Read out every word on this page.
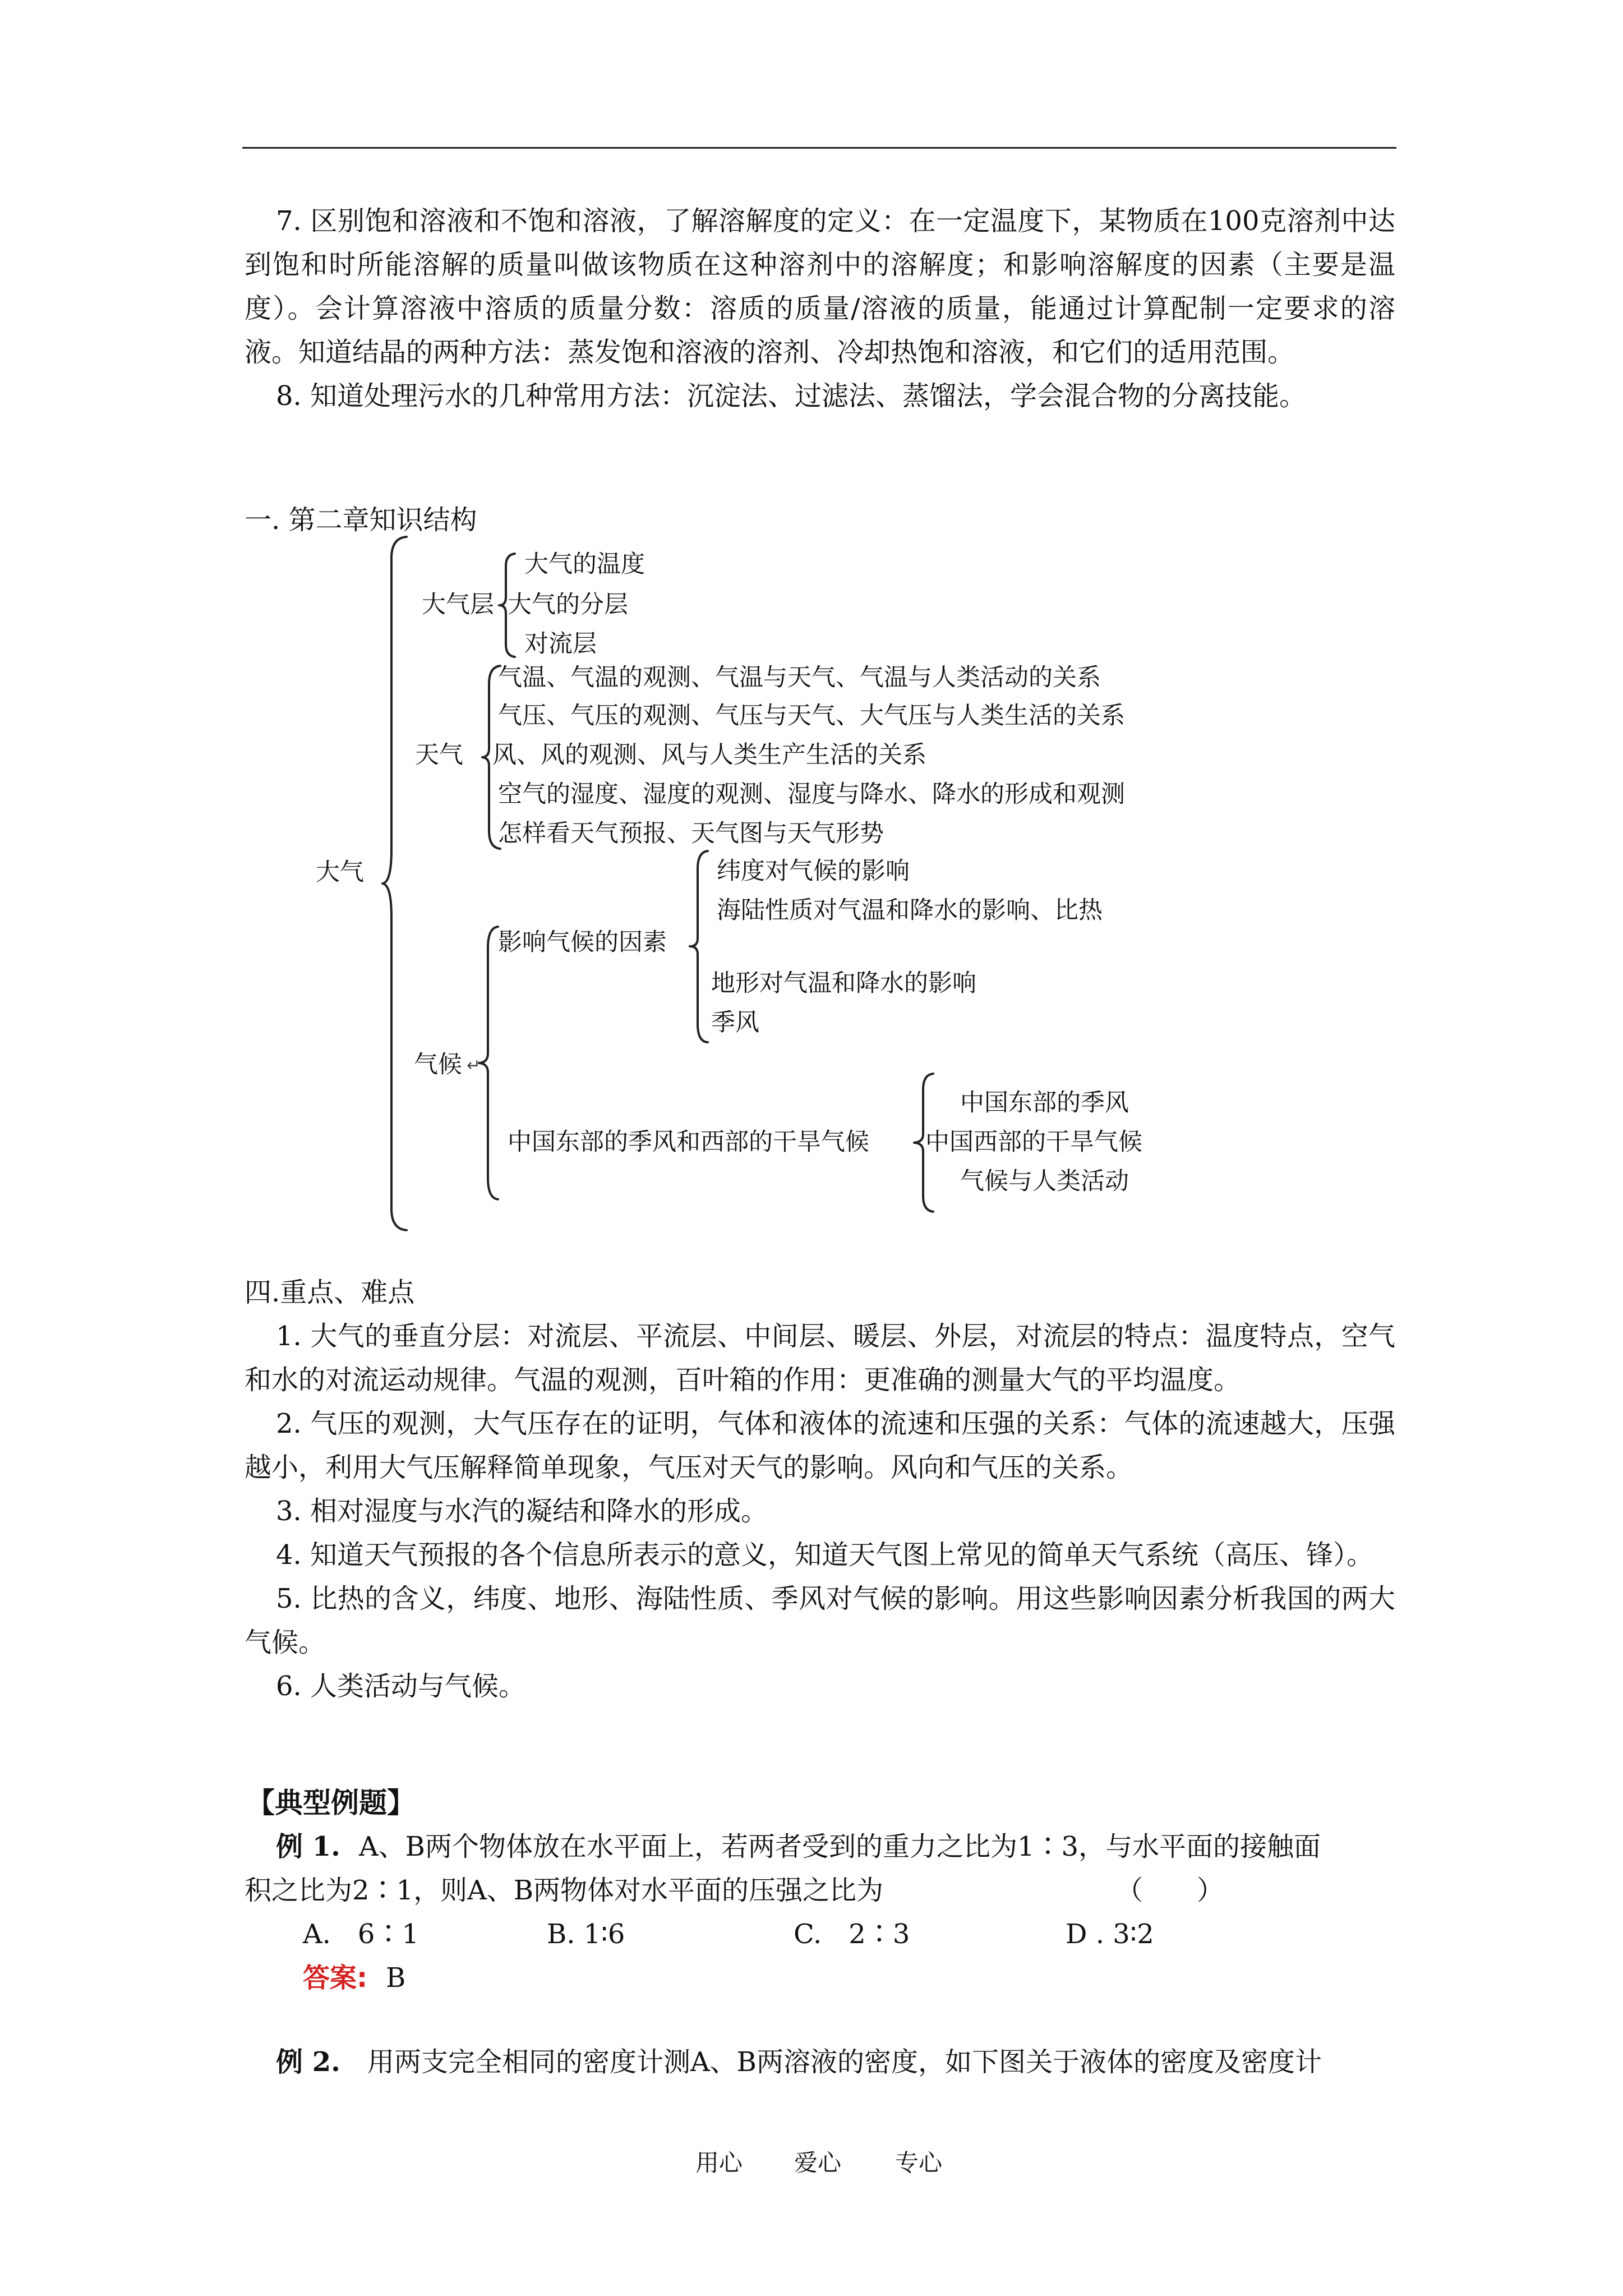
7. 区别饱和溶液和不饱和溶液，了解溶解度的定义：在一定温度下，某物质在100克溶剂中达到饱和时所能溶解的质量叫做该物质在这种溶剂中的溶解度；和影响溶解度的因素（主要是温度）。会计算溶液中溶质的质量分数：溶质的质量/溶液的质量，能通过计算配制一定要求的溶液。知道结晶的两种方法：蒸发饱和溶液的溶剂、冷却热饱和溶液，和它们的适用范围。

8. 知道处理污水的几种常用方法：沉淀法、过滤法、蒸馏法，学会混合物的分离技能。

一. 第二章知识结构
大气
大气层
大气的温度
大气的分层
对流层
天气
气温、气温的观测、气温与天气、气温与人类活动的关系
气压、气压的观测、气压与天气、大气压与人类生活的关系
风、风的观测、风与人类生产生活的关系
空气的湿度、湿度的观测、湿度与降水、降水的形成和观测
怎样看天气预报、天气图与天气形势
气候 ↵
影响气候的因素
纬度对气候的影响
海陆性质对气温和降水的影响、比热
地形对气温和降水的影响
季风
中国东部的季风和西部的干旱气候
中国东部的季风
中国西部的干旱气候
气候与人类活动
四.重点、难点

1. 大气的垂直分层：对流层、平流层、中间层、暖层、外层，对流层的特点：温度特点，空气和水的对流运动规律。气温的观测，百叶箱的作用：更准确的测量大气的平均温度。

2. 气压的观测，大气压存在的证明，气体和液体的流速和压强的关系：气体的流速越大，压强越小，利用大气压解释简单现象，气压对天气的影响。风向和气压的关系。

3. 相对湿度与水汽的凝结和降水的形成。

4. 知道天气预报的各个信息所表示的意义，知道天气图上常见的简单天气系统（高压、锋）。

5. 比热的含义，纬度、地形、海陆性质、季风对气候的影响。用这些影响因素分析我国的两大气候。

6. 人类活动与气候。

【典型例题】
例 1. A、B两个物体放在水平面上，若两者受到的重力之比为1∶3，与水平面的接触面
积之比为2∶1，则A、B两物体对水平面的压强之比为	（　　）
A.　6∶1	B. 1∶6	C.　2∶3	D . 3∶2
答案: B
例 2. 用两支完全相同的密度计测A、B两溶液的密度，如下图关于液体的密度及密度计
用心 爱心 专心
